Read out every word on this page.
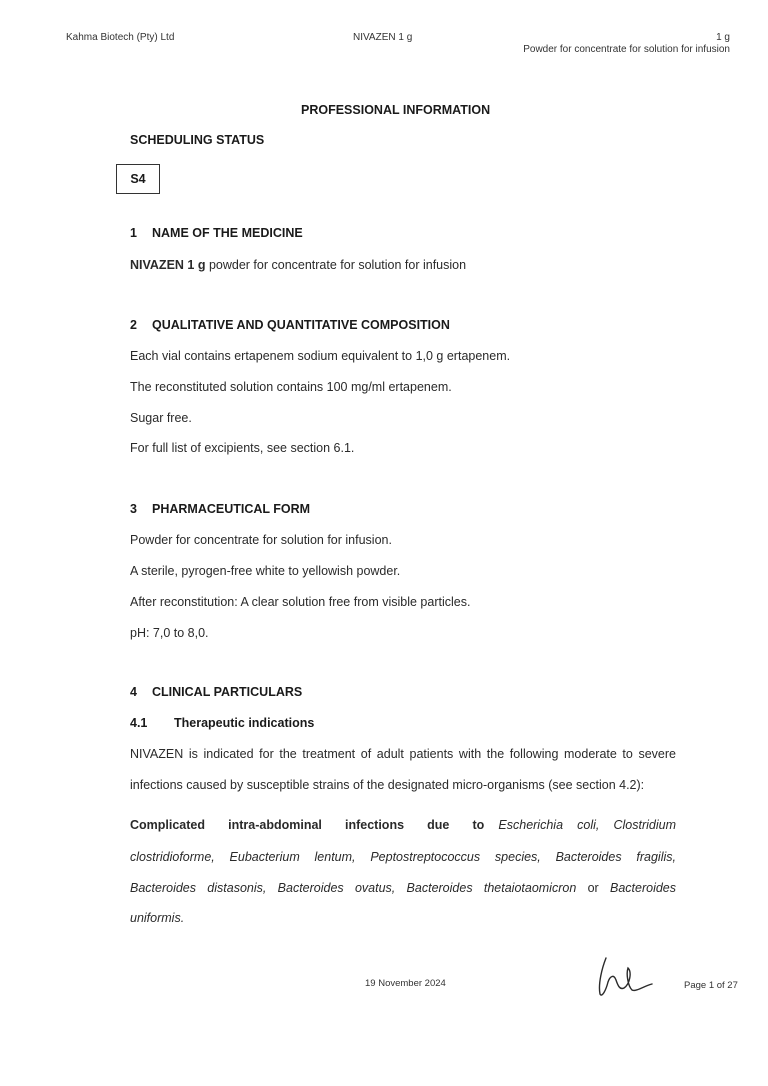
Kahma Biotech (Pty) Ltd	NIVAZEN 1 g	1 g
Powder for concentrate for solution for infusion
PROFESSIONAL INFORMATION
SCHEDULING STATUS
S4
1 NAME OF THE MEDICINE
NIVAZEN 1 g powder for concentrate for solution for infusion
2 QUALITATIVE AND QUANTITATIVE COMPOSITION
Each vial contains ertapenem sodium equivalent to 1,0 g ertapenem.
The reconstituted solution contains 100 mg/ml ertapenem.
Sugar free.
For full list of excipients, see section 6.1.
3 PHARMACEUTICAL FORM
Powder for concentrate for solution for infusion.
A sterile, pyrogen-free white to yellowish powder.
After reconstitution: A clear solution free from visible particles.
pH: 7,0 to 8,0.
4 CLINICAL PARTICULARS
4.1 Therapeutic indications
NIVAZEN is indicated for the treatment of adult patients with the following moderate to severe
infections caused by susceptible strains of the designated micro-organisms (see section 4.2):
Complicated intra-abdominal infections due to Escherichia coli, Clostridium
clostridioforme, Eubacterium lentum, Peptostreptococcus species, Bacteroides fragilis,
Bacteroides distasonis, Bacteroides ovatus, Bacteroides thetaiotaomicron or Bacteroides
uniformis.
19 November 2024	Page 1 of 27
